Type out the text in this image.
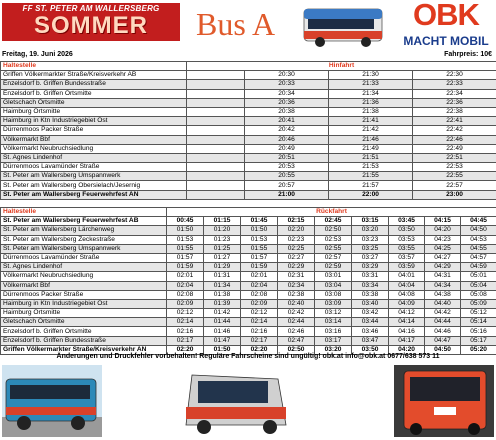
FF ST. PETER AM WALLERSBERG
SOMMER	Bus A	OBK
MACHT MOBIL
Freitag, 19. Juni 2026	Fahrpreis: 10€
Haltestelle	Hinfahrt			
Griffen Völkermarkter Straße/Kreisverkehr AB		20:30	21:30	22:30
Enzelsdorf b. Griffen Bundesstraße		20:33	21:33	22:33
Enzelsdorf b. Griffen Ortsmitte		20:34	21:34	22:34
Gletschach Ortsmitte		20:36	21:36	22:36
Haimburg Ortsmitte		20:38	21:38	22:38
Haimburg in Ktn Industriegebiet Ost		20:41	21:41	22:41
Dürrenmoos Packer Straße		20:42	21:42	22:42
Völkermarkt Bbf		20:46	21:46	22:46
Völkermarkt Neubruchsiedlung		20:49	21:49	22:49
St. Agnes Lindenhof		20:51	21:51	22:51
Dürrenmoos Lavamünder Straße		20:53	21:53	22:53
St. Peter am Wallersberg Umspannwerk		20:55	21:55	22:55
St. Peter am Wallersberg Obersielach/Jesernig		20:57	21:57	22:57
St. Peter am Wallersberg Feuerwehrfest AN		21:00	22:00	23:00
Haltestelle	Rückfahrt								
St. Peter am Wallersberg Feuerwehrfest AB	00:45	01:15	01:45	02:15	02:45	03:15	03:45	04:15	04:45
St. Peter am Wallersberg Lärchenweg	01:50	01:20	01:50	02:20	02:50	03:20	03:50	04:20	04:50
St. Peter am Wallersberg Zeckestraße	01:53	01:23	01:53	02:23	02:53	03:23	03:53	04:23	04:53
St. Peter am Wallersberg Umspannwerk	01:55	01:25	01:55	02:25	02:55	03:25	03:55	04:25	04:55
Dürrenmoos Lavamünder Straße	01:57	01:27	01:57	02:27	02:57	03:27	03:57	04:27	04:57
St. Agnes Lindenhof	01:59	01:29	01:59	02:29	02:59	03:29	03:59	04:29	04:59
Völkermarkt Neubruchsiedlung	02:01	01:31	02:01	02:31	03:01	03:31	04:01	04:31	05:01
Völkermarkt Bbf	02:04	01:34	02:04	02:34	03:04	03:34	04:04	04:34	05:04
Dürrenmoos Packer Straße	02:08	01:38	02:08	02:38	03:08	03:38	04:08	04:38	05:08
Haimburg in Ktn Industriegebiet Ost	02:09	01:39	02:09	02:40	03:09	03:40	04:09	04:40	05:09
Haimburg Ortsmitte	02:12	01:42	02:12	02:42	03:12	03:42	04:12	04:42	05:12
Gletschach Ortsmitte	02:14	01:44	02:14	02:44	03:14	03:44	04:14	04:44	05:14
Enzelsdorf b. Griffen Ortsmitte	02:16	01:46	02:16	02:46	03:16	03:46	04:16	04:46	05:16
Enzelsdorf b. Griffen Bundesstraße	02:17	01:47	02:17	02:47	03:17	03:47	04:17	04:47	05:17
Griffen Völkermarkter Straße/Kreisverkehr AN	02:20	01:50	02:20	02:50	03:20	03:50	04:20	04:50	05:20
Änderungen und Druckfehler vorbehalten! Reguläre Fahrscheine sind ungültig! obk.at info@obk.at 0677/638 573 11
